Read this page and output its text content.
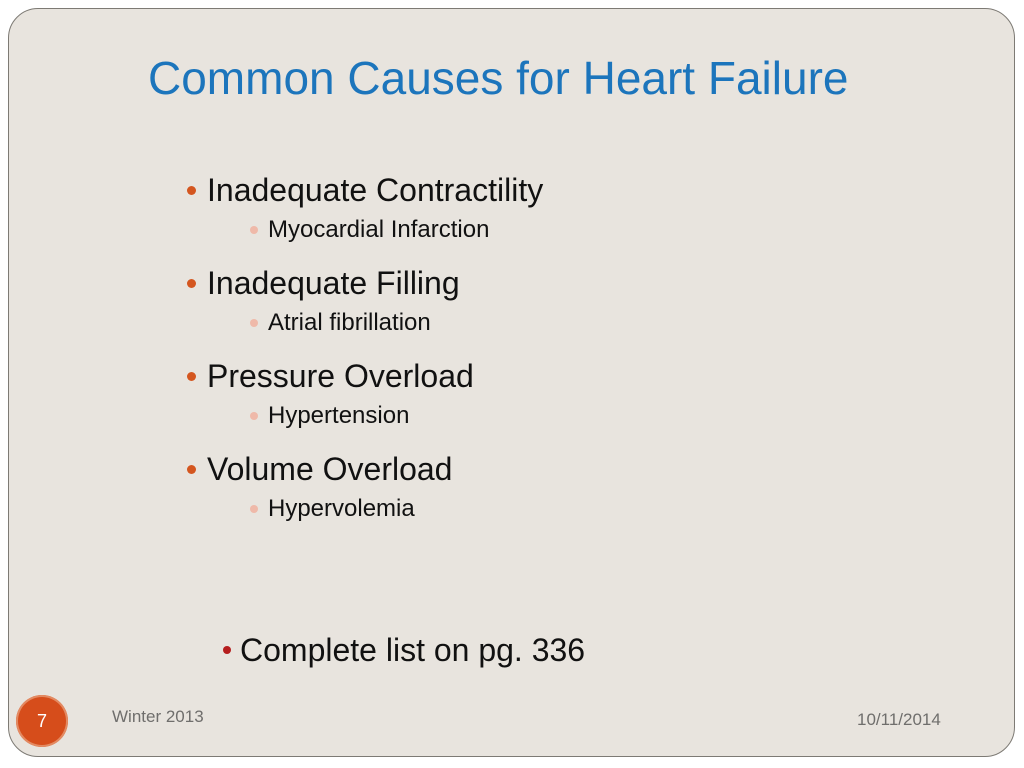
Common Causes for Heart Failure
Inadequate Contractility
Myocardial Infarction
Inadequate Filling
Atrial fibrillation
Pressure Overload
Hypertension
Volume Overload
Hypervolemia
Complete list on pg. 336
7	Winter 2013	10/11/2014
